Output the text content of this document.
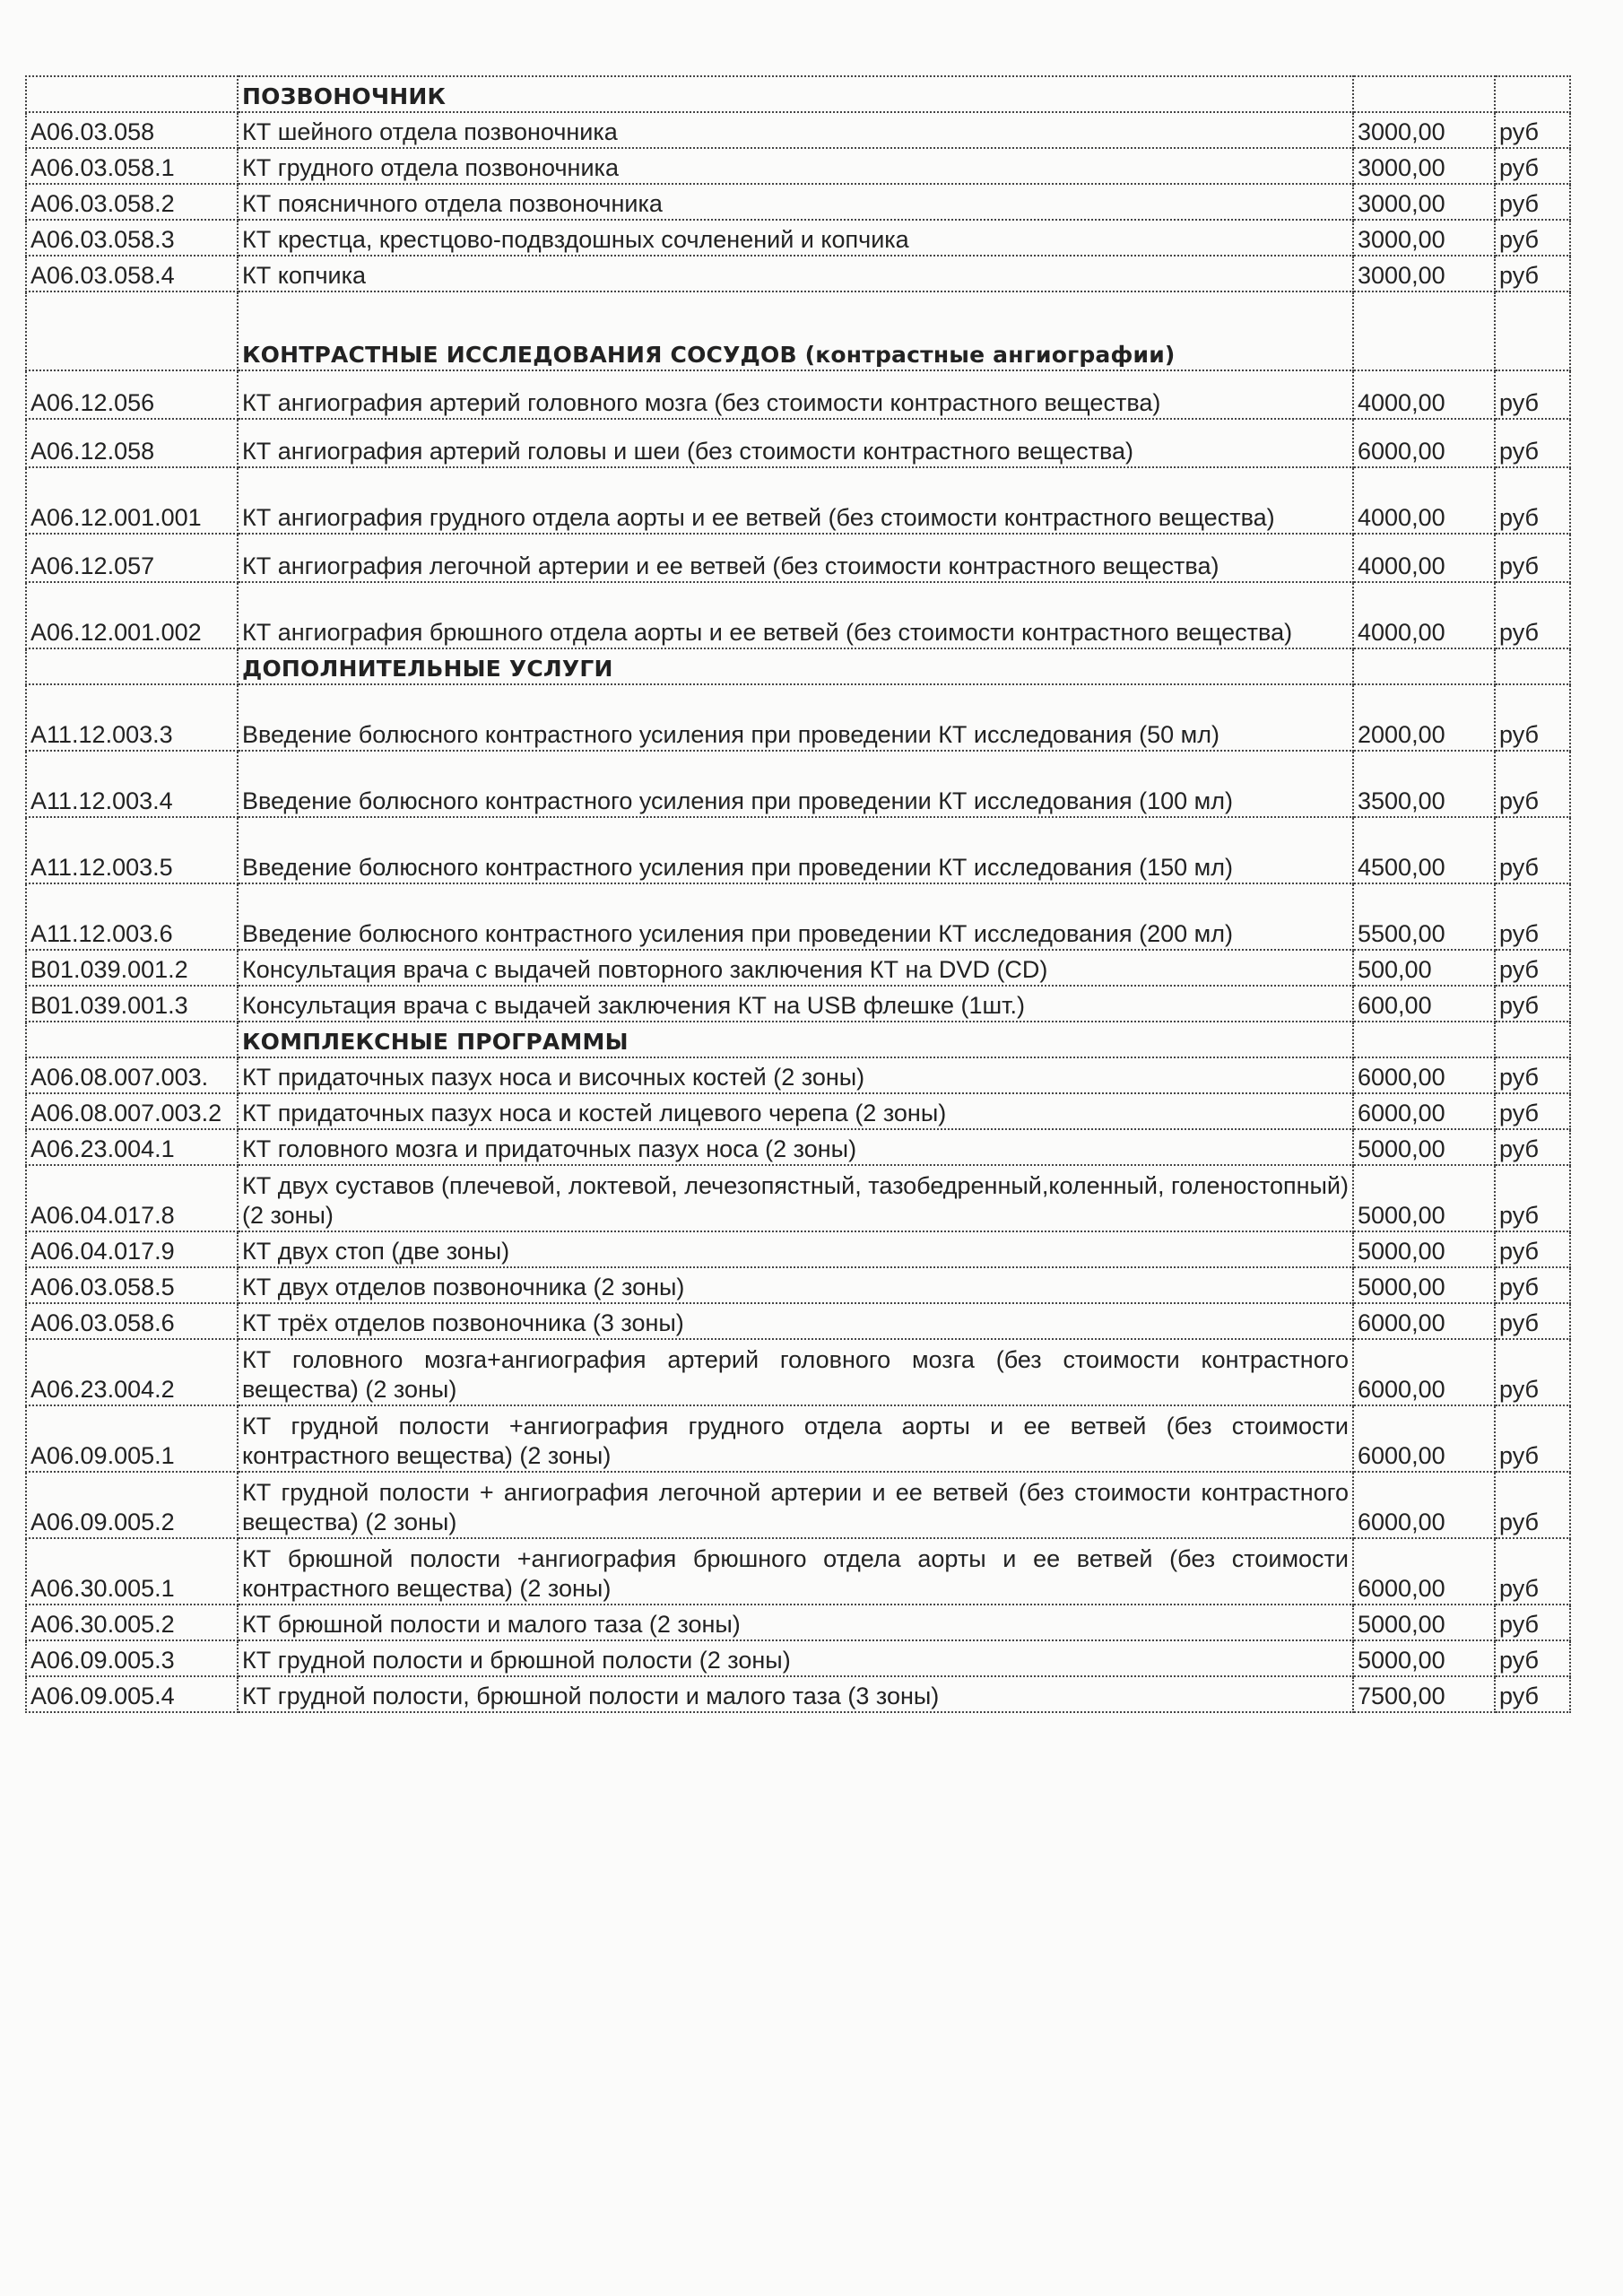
	ПОЗВОНОЧНИК		
А06.03.058	КТ шейного отдела позвоночника	3000,00	руб
А06.03.058.1	КТ грудного отдела позвоночника	3000,00	руб
А06.03.058.2	КТ поясничного отдела позвоночника	3000,00	руб
А06.03.058.3	КТ крестца, крестцово-подвздошных сочленений и копчика	3000,00	руб
А06.03.058.4	КТ копчика	3000,00	руб
	КОНТРАСТНЫЕ ИССЛЕДОВАНИЯ СОСУДОВ (контрастные ангиографии)		
А06.12.056	КТ ангиография артерий головного мозга (без стоимости контрастного вещества)	4000,00	руб
А06.12.058	КТ ангиография артерий головы и шеи (без стоимости контрастного вещества)	6000,00	руб
А06.12.001.001	КТ ангиография грудного отдела аорты и ее ветвей (без стоимости контрастного вещества)	4000,00	руб
А06.12.057	КТ ангиография легочной артерии и ее ветвей (без стоимости контрастного вещества)	4000,00	руб
А06.12.001.002	КТ ангиография брюшного отдела аорты и ее ветвей (без стоимости контрастного вещества)	4000,00	руб
	ДОПОЛНИТЕЛЬНЫЕ УСЛУГИ		
А11.12.003.3	Введение болюсного контрастного усиления при проведении КТ исследования (50 мл)	2000,00	руб
А11.12.003.4	Введение болюсного контрастного усиления при проведении КТ исследования (100 мл)	3500,00	руб
А11.12.003.5	Введение болюсного контрастного усиления при проведении КТ исследования (150 мл)	4500,00	руб
А11.12.003.6	Введение болюсного контрастного усиления при проведении КТ исследования (200 мл)	5500,00	руб
В01.039.001.2	Консультация врача с выдачей повторного заключения КТ на DVD (CD)	500,00	руб
В01.039.001.3	Консультация врача с выдачей заключения КТ на USB флешке (1шт.)	600,00	руб
	КОМПЛЕКСНЫЕ ПРОГРАММЫ		
А06.08.007.003.	КТ придаточных пазух носа и височных костей (2 зоны)	6000,00	руб
А06.08.007.003.2	КТ придаточных пазух носа и костей лицевого черепа (2 зоны)	6000,00	руб
А06.23.004.1	КТ головного мозга и придаточных пазух носа (2 зоны)	5000,00	руб
А06.04.017.8	КТ двух суставов (плечевой, локтевой, лечезопястный, тазобедренный,коленный, голеностопный) (2 зоны)	5000,00	руб
А06.04.017.9	КТ двух стоп (две зоны)	5000,00	руб
А06.03.058.5	КТ двух отделов позвоночника (2 зоны)	5000,00	руб
А06.03.058.6	КТ трёх отделов позвоночника (3 зоны)	6000,00	руб
А06.23.004.2	КТ головного мозга+ангиография артерий головного мозга (без стоимости контрастного вещества) (2 зоны)	6000,00	руб
А06.09.005.1	КТ грудной полости +ангиография грудного отдела аорты и ее ветвей (без стоимости контрастного вещества) (2 зоны)	6000,00	руб
А06.09.005.2	КТ грудной полости + ангиография легочной артерии и ее ветвей (без стоимости контрастного вещества) (2 зоны)	6000,00	руб
А06.30.005.1	КТ брюшной полости +ангиография брюшного отдела аорты и ее ветвей (без стоимости контрастного вещества) (2 зоны)	6000,00	руб
А06.30.005.2	КТ брюшной полости и малого таза (2 зоны)	5000,00	руб
А06.09.005.3	КТ грудной полости и брюшной полости (2 зоны)	5000,00	руб
А06.09.005.4	КТ грудной полости, брюшной полости и малого таза (3 зоны)	7500,00	руб
